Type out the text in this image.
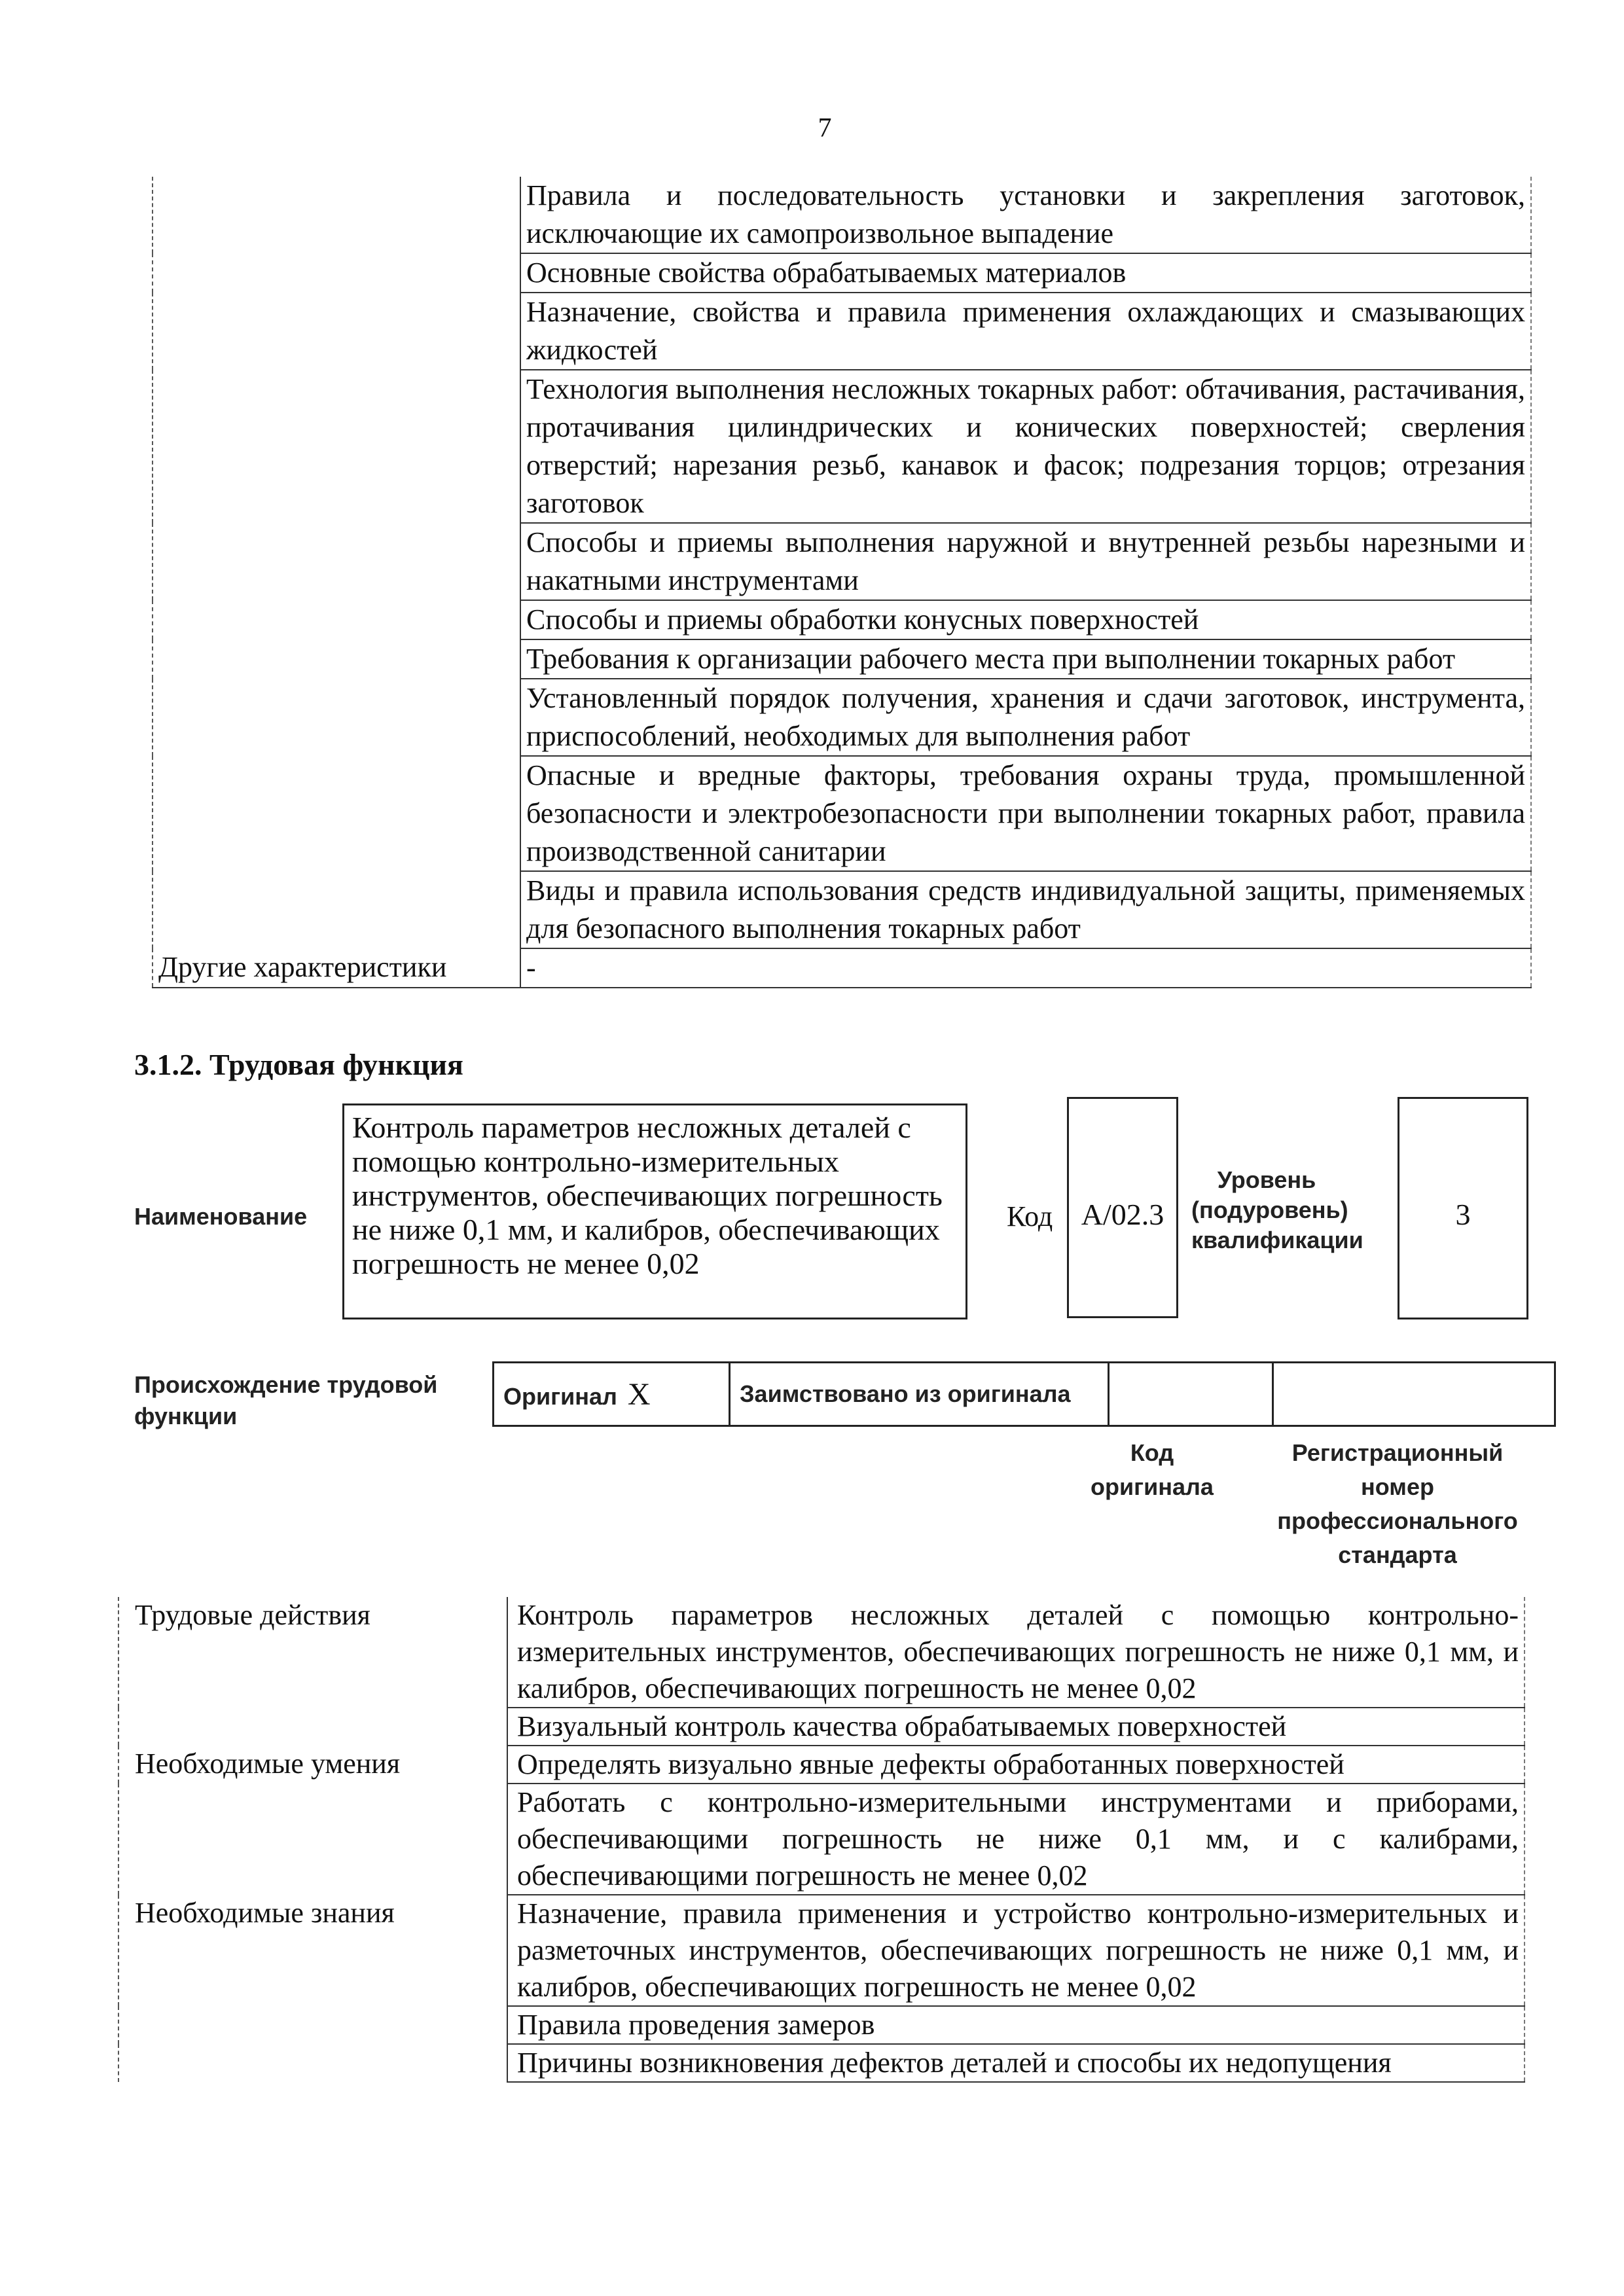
7
	Правила и последовательность установки и закрепления заготовок, исключающие их самопроизвольное выпадение
	Основные свойства обрабатываемых материалов
	Назначение, свойства и правила применения охлаждающих и смазывающих жидкостей
	Технология выполнения несложных токарных работ: обтачивания, растачивания, протачивания цилиндрических и конических поверхностей; сверления отверстий; нарезания резьб, канавок и фасок; подрезания торцов; отрезания заготовок
	Способы и приемы выполнения наружной и внутренней резьбы нарезными и накатными инструментами
	Способы и приемы обработки конусных поверхностей
	Требования к организации рабочего места при выполнении токарных работ
	Установленный порядок получения, хранения и сдачи заготовок, инструмента, приспособлений, необходимых для выполнения работ
	Опасные и вредные факторы, требования охраны труда, промышленной безопасности и электробезопасности при выполнении токарных работ, правила производственной санитарии
	Виды и правила использования средств индивидуальной защиты, применяемых для безопасного выполнения токарных работ
Другие характеристики	-
3.1.2. Трудовая функция
Наименование
Контроль параметров несложных деталей с помощью контрольно-измерительных инструментов, обеспечивающих погрешность не ниже 0,1 мм, и калибров, обеспечивающих погрешность не менее 0,02
Код А/02.3
Уровень
(подуровень)
квалификации
3
Происхождение трудовой
функции
Оригинал X	Заимствовано из оригинала		
Код
оригинала
Регистрационный
номер
профессионального
стандарта
Трудовые действия	Контроль параметров несложных деталей с помощью контрольно-измерительных инструментов, обеспечивающих погрешность не ниже 0,1 мм, и калибров, обеспечивающих погрешность не менее 0,02
	Визуальный контроль качества обрабатываемых поверхностей
Необходимые умения	Определять визуально явные дефекты обработанных поверхностей
	Работать с контрольно-измерительными инструментами и приборами, обеспечивающими погрешность не ниже 0,1 мм, и с калибрами, обеспечивающими погрешность не менее 0,02
Необходимые знания	Назначение, правила применения и устройство контрольно-измерительных и разметочных инструментов, обеспечивающих погрешность не ниже 0,1 мм, и калибров, обеспечивающих погрешность не менее 0,02
	Правила проведения замеров
	Причины возникновения дефектов деталей и способы их недопущения
